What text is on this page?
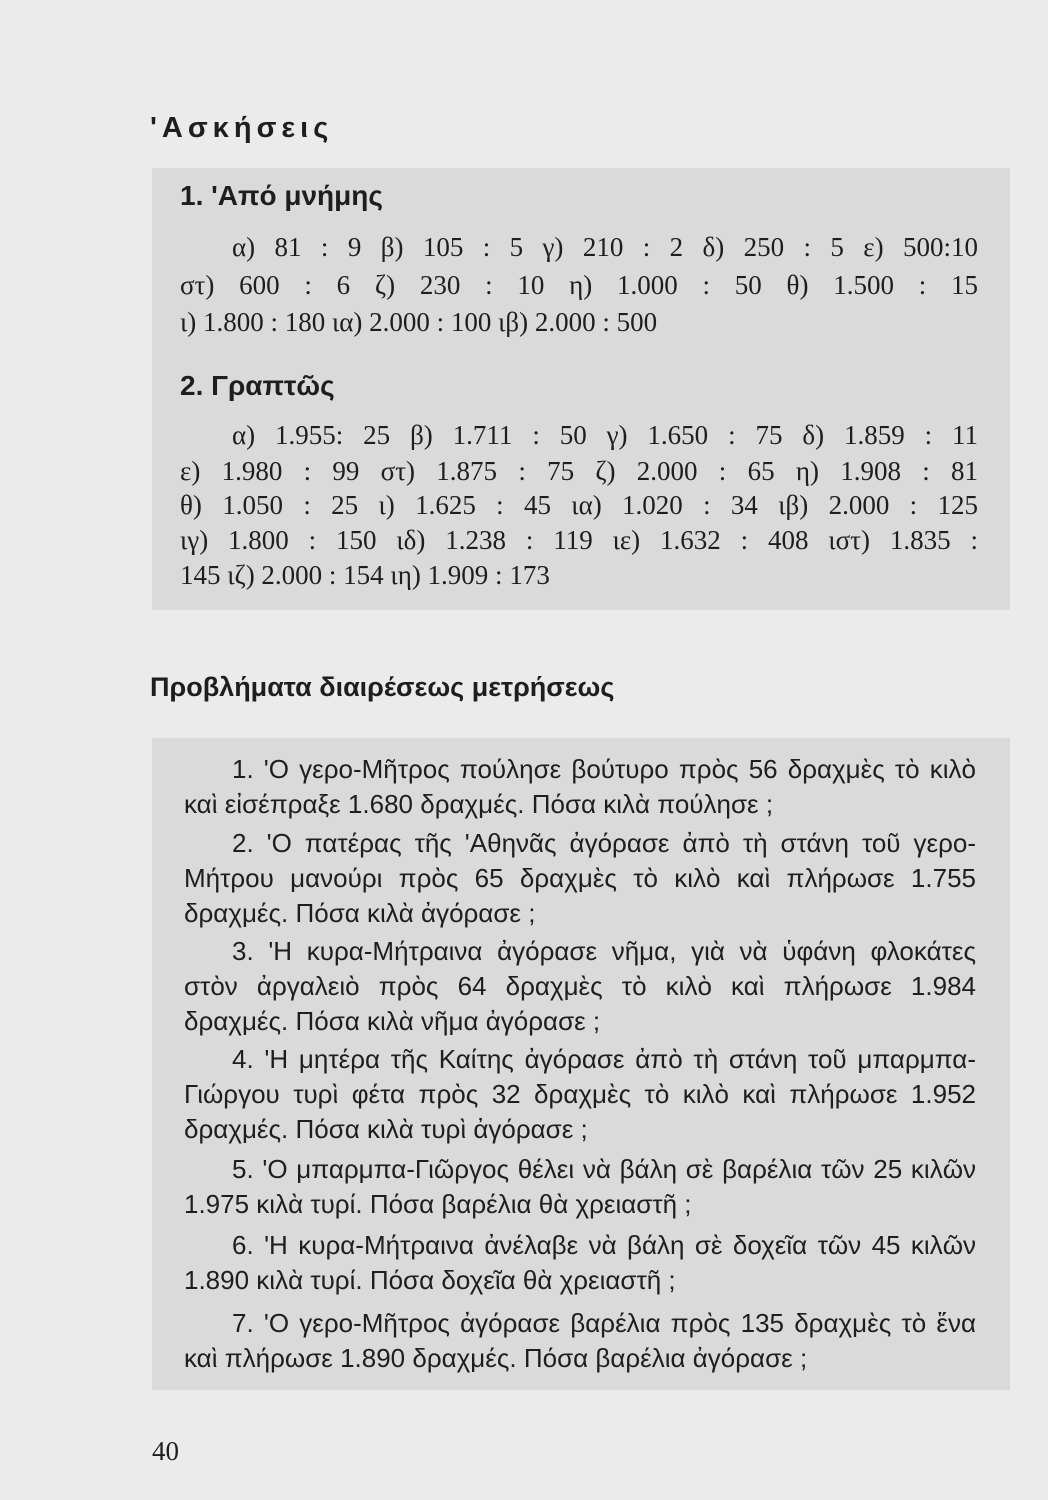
'Ασκήσεις
1. 'Από μνήμης

α) 81 : 9 β) 105 : 5 γ) 210 : 2 δ) 250 : 5 ε) 500:10

στ) 600 : 6 ζ) 230 : 10 η) 1.000 : 50 θ) 1.500 : 15

ι) 1.800 : 180 ια) 2.000 : 100 ιβ) 2.000 : 500

2. Γραπτῶς

α) 1.955: 25 β) 1.711 : 50 γ) 1.650 : 75 δ) 1.859 : 11

ε) 1.980 : 99 στ) 1.875 : 75 ζ) 2.000 : 65 η) 1.908 : 81

θ) 1.050 : 25 ι) 1.625 : 45 ια) 1.020 : 34 ιβ) 2.000 : 125

ιγ) 1.800 : 150 ιδ) 1.238 : 119 ιε) 1.632 : 408 ιστ) 1.835 :

145 ιζ) 2.000 : 154 ιη) 1.909 : 173

Προβλήματα διαιρέσεως μετρήσεως

1. 'Ο γερο-Μῆτρος πούλησε βούτυρο πρὸς 56 δραχμὲς τὸ κιλὸ καὶ εἰσέπραξε 1.680 δραχμές. Πόσα κιλὰ πούλησε ;

2. 'Ο πατέρας τῆς 'Αθηνᾶς ἀγόρασε ἀπὸ τὴ στάνη τοῦ γερο-Μήτρου μανούρι πρὸς 65 δραχμὲς τὸ κιλὸ καὶ πλήρωσε 1.755 δραχμές. Πόσα κιλὰ ἀγόρασε ;

3. 'Η κυρα-Μήτραινα ἀγόρασε νῆμα, γιὰ νὰ ὑφάνη φλοκάτες στὸν ἀργαλειὸ πρὸς 64 δραχμὲς τὸ κιλὸ καὶ πλήρωσε 1.984 δραχμές. Πόσα κιλὰ νῆμα ἀγόρασε ;

4. 'Η μητέρα τῆς Καίτης ἀγόρασε ἀπὸ τὴ στάνη τοῦ μπαρμπα-Γιώργου τυρὶ φέτα πρὸς 32 δραχμὲς τὸ κιλὸ καὶ πλήρωσε 1.952 δραχμές. Πόσα κιλὰ τυρὶ ἀγόρασε ;

5. 'Ο μπαρμπα-Γιῶργος θέλει νὰ βάλη σὲ βαρέλια τῶν 25 κιλῶν 1.975 κιλὰ τυρί. Πόσα βαρέλια θὰ χρειαστῆ ;

6. 'Η κυρα-Μήτραινα ἀνέλαβε νὰ βάλη σὲ δοχεῖα τῶν 45 κιλῶν 1.890 κιλὰ τυρί. Πόσα δοχεῖα θὰ χρειαστῆ ;

7. 'Ο γερο-Μῆτρος ἀγόρασε βαρέλια πρὸς 135 δραχμὲς τὸ ἕνα καὶ πλήρωσε 1.890 δραχμές. Πόσα βαρέλια ἀγόρασε ;

40
